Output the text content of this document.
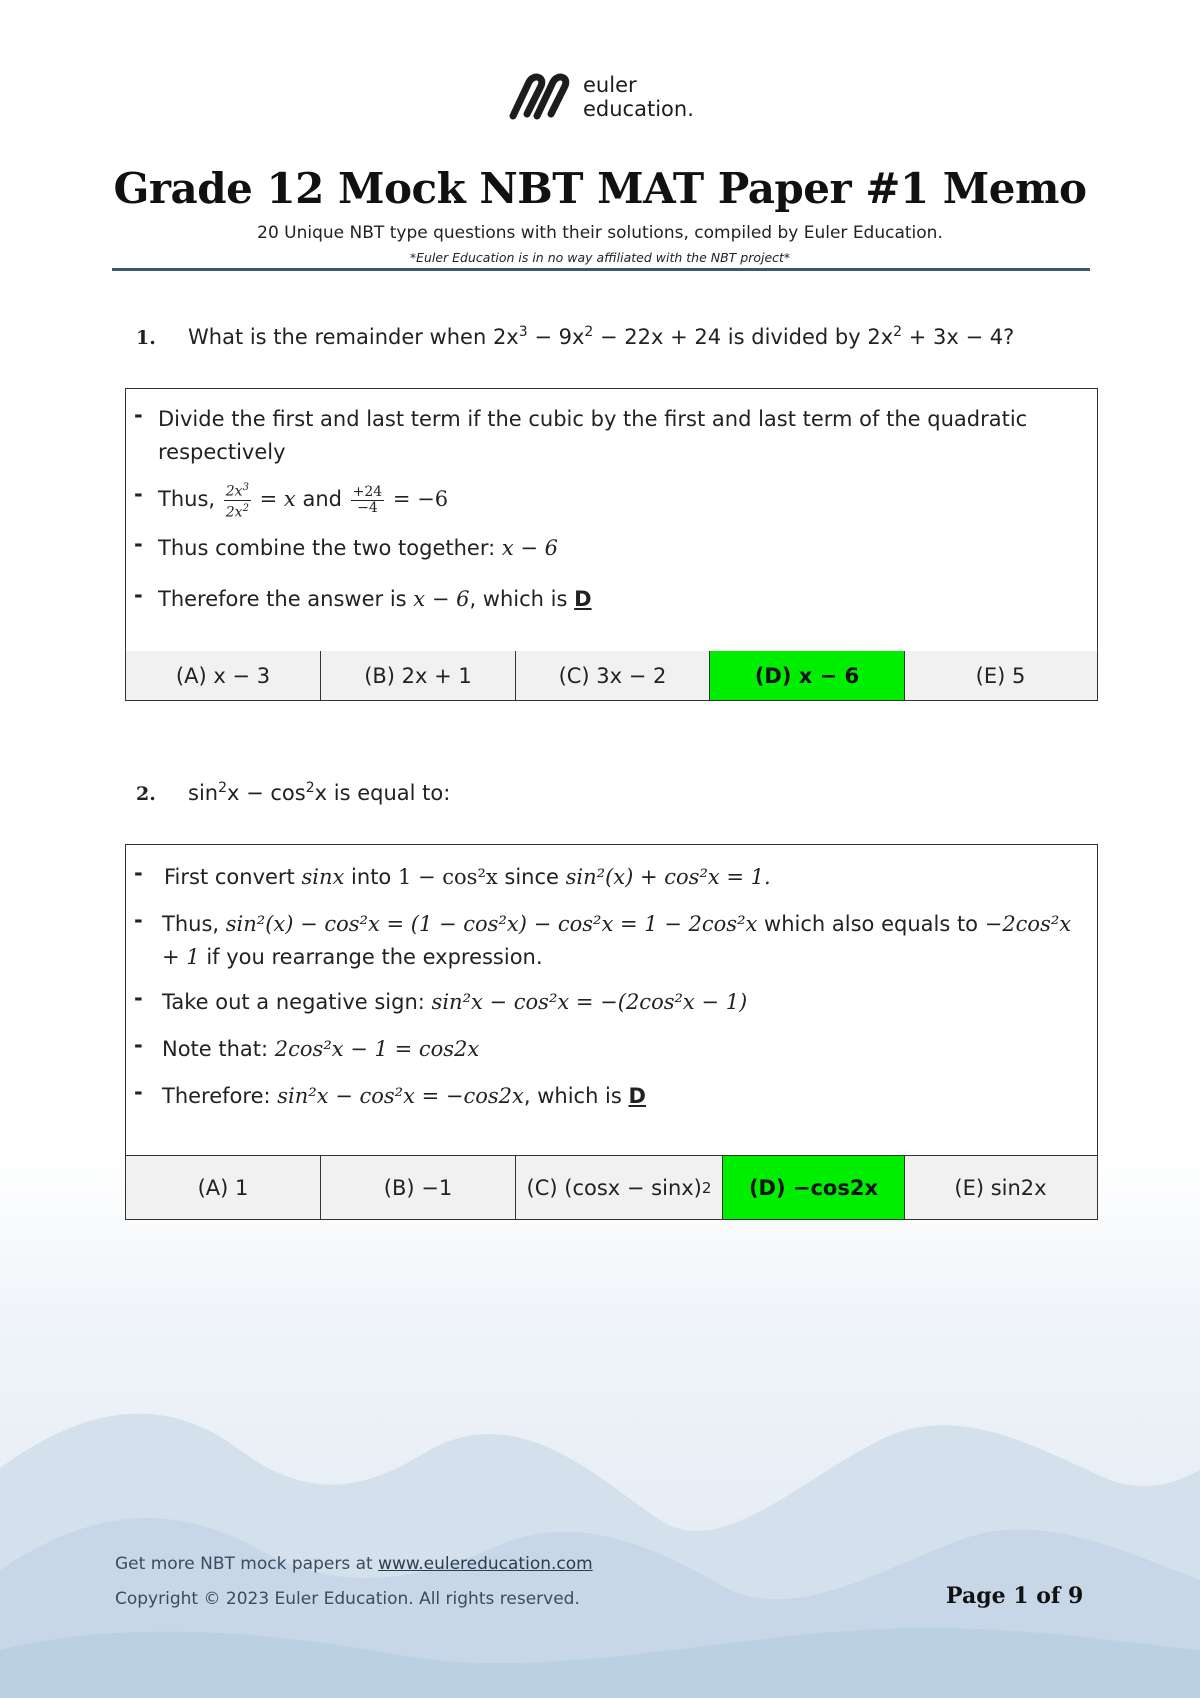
euler
education.
Grade 12 Mock NBT MAT Paper #1 Memo
20 Unique NBT type questions with their solutions, compiled by Euler Education.
*Euler Education is in no way affiliated with the NBT project*
1.	What is the remainder when $2x^3 - 9x^2 - 22x + 24$ is divided by $2x^2 + 3x - 4$?
- Divide the first and last term if the cubic by the first and last term of the quadratic respectively
- Thus, $\frac{2x^3}{2x^2} = x$ and $\frac{+24}{-4} = -6$
- Thus combine the two together: x − 6
- Therefore the answer is x − 6, which is D
(A) x − 3	(B) 2x + 1	(C) 3x − 2	(D) x − 6	(E) 5
2.	$\sin^2x - \cos^2x$ is equal to:
-	First convert sinx into 1 − cos²x since sin²(x) + cos²x = 1.
- Thus, sin²(x) − cos²x = (1 − cos²x) − cos²x = 1 − 2cos²x which also equals to −2cos²x + 1 if you rearrange the expression.
- Take out a negative sign: sin²x − cos²x = −(2cos²x − 1)
- Note that: 2cos²x − 1 = cos2x
- Therefore: sin²x − cos²x = −cos2x, which is D
(A) 1	(B) −1	(C) (cosx − sinx) 2	(D) −cos2x	(E) sin2x
Get more NBT mock papers at www.eulereducation.com
Copyright © 2023 Euler Education. All rights reserved.	Page 1 of 9
